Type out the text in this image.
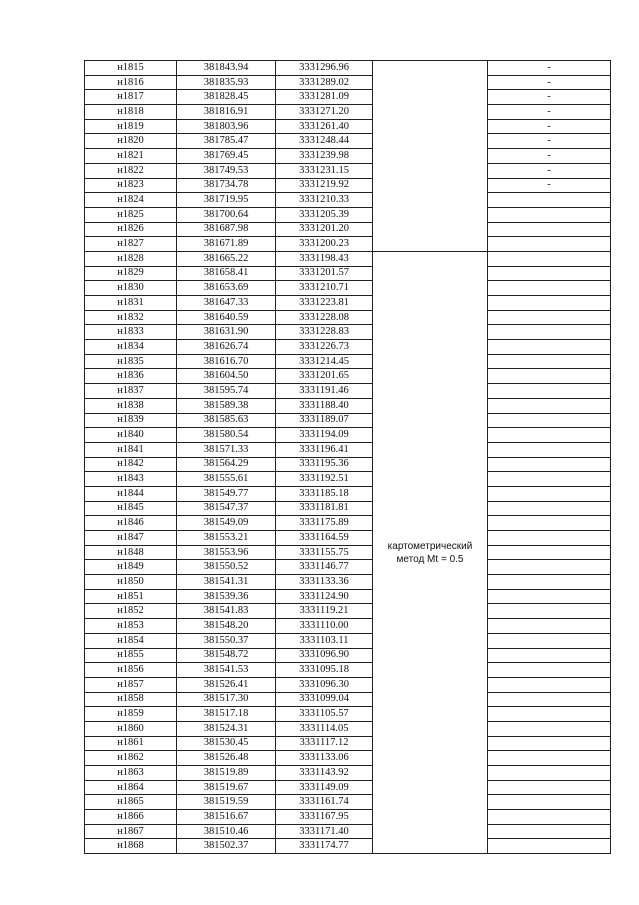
н1815	381843.94	3331296.96		-
н1816	381835.93	3331289.02		-
н1817	381828.45	3331281.09		-
н1818	381816.91	3331271.20		-
н1819	381803.96	3331261.40		-
н1820	381785.47	3331248.44		-
н1821	381769.45	3331239.98		-
н1822	381749.53	3331231.15		-
н1823	381734.78	3331219.92		-
н1824	381719.95	3331210.33		
н1825	381700.64	3331205.39		
н1826	381687.98	3331201.20		
н1827	381671.89	3331200.23		
н1828	381665.22	3331198.43	картометрический
метод Mt = 0.5	

н1829	381658.41	3331201.57		
н1830	381653.69	3331210.71		
н1831	381647.33	3331223.81		
н1832	381640.59	3331228.08		
н1833	381631.90	3331228.83		
н1834	381626.74	3331226.73		
н1835	381616.70	3331214.45		
н1836	381604.50	3331201.65		
н1837	381595.74	3331191.46		
н1838	381589.38	3331188.40		
н1839	381585.63	3331189.07		
н1840	381580.54	3331194.09		
н1841	381571.33	3331196.41		
н1842	381564.29	3331195.36		
н1843	381555.61	3331192.51		
н1844	381549.77	3331185.18		
н1845	381547.37	3331181.81		
н1846	381549.09	3331175.89		
н1847	381553.21	3331164.59		
н1848	381553.96	3331155.75		
н1849	381550.52	3331146.77		
н1850	381541.31	3331133.36		
н1851	381539.36	3331124.90		
н1852	381541.83	3331119.21		
н1853	381548.20	3331110.00		
н1854	381550.37	3331103.11		
н1855	381548.72	3331096.90		
н1856	381541.53	3331095.18		
н1857	381526.41	3331096.30		
н1858	381517.30	3331099.04		
н1859	381517.18	3331105.57		
н1860	381524.31	3331114.05		
н1861	381530.45	3331117.12		
н1862	381526.48	3331133.06		
н1863	381519.89	3331143.92		
н1864	381519.67	3331149.09		
н1865	381519.59	3331161.74		
н1866	381516.67	3331167.95		
н1867	381510.46	3331171.40		
н1868	381502.37	3331174.77		
